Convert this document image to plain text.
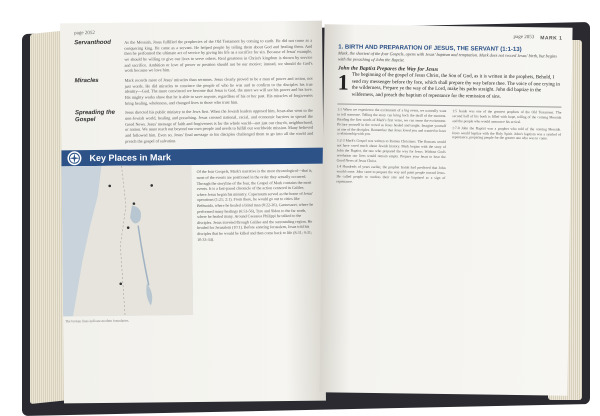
page 2052
Servanthood	As the Messiah, Jesus fulfilled the prophecies of the Old Testament by coming to earth. He did not come as a conquering king. He came as a servant. He helped people by telling them about God and healing them. And then he performed the ultimate act of service by giving his life as a sacrifice for sin. Because of Jesus' example, we should be willing to give our lives to serve others. Real greatness in Christ's kingdom is shown by service and sacrifice. Ambition or love of power or position should not be our motive; instead, we should do God's work because we love him.
Miracles	Mark records more of Jesus' miracles than sermons. Jesus clearly proved to be a man of power and action, not just words. He did miracles to convince the people of who he was and to confirm to the disciples his true identity—God. The more convinced we become that Jesus is God, the more we will see his power and his love. His mighty works show that he is able to save anyone, regardless of his or her past. His miracles of forgiveness bring healing, wholeness, and changed lives to those who trust him.
Spreading the Gospel
Jesus directed his public ministry to the Jews first. When the Jewish leaders opposed him, Jesus also went to the non-Jewish world, healing and preaching. Jesus crossed national, racial, and economic barriers to spread the Good News. Jesus' message of faith and forgiveness is for the whole world—not just our church, neighborhood, or nation. We must reach out beyond our own people and needs to fulfill our worldwide mission. Many believed and followed him. Even so, Jesus' final message to his disciples challenged them to go into all the world and preach the gospel of salvation.
Key Places in Mark
Of the four Gospels, Mark's narrative is the most chronological—that is, most of the events are positioned in the order they actually occurred. Through the storyline of the four, the Gospel of Mark contains the most events. It is a fast-paced chronicle of the action centered in Galilee, where Jesus began his ministry. Capernaum served as the home of Jesus' operations (1:21; 2:1). From there, he would go out to cities like Bethsaida, where he healed a blind man (8:22-26), Gennesaret, where he performed many healings (6:53-56), Tyre and Sidon to the far north, where he healed many. Around Caesarea Philippi he talked to the disciples. Jesus traveled through Galilee and the surrounding region. He headed for Jerusalem (10:1). Before entering Jerusalem, Jesus told his disciples that he would be killed and then come back to life (8:31; 9:31; 10:33-34).
The broken lines indicate modern boundaries.
page 2053 MARK 1
1. BIRTH AND PREPARATION OF JESUS, THE SERVANT (1:1-13)
Mark, the shortest of the four Gospels, opens with Jesus' baptism and temptation. Mark does not record Jesus' birth, but begins with the preaching of John the Baptist.
John the Baptist Prepares the Way for Jesus
1 The beginning of the gospel of Jesus Christ, the Son of God, as it is written in the prophets, Behold, I send my messenger before thy face, which shall prepare thy way before thee. The voice of one crying in the wilderness, Prepare ye the way of the Lord, make his paths straight. John did baptize in the wilderness, and preach the baptism of repentance for the remission of sins.

1:1 When we experience the excitement of a big event, we naturally want to tell someone. Telling the story can bring back the thrill of the moment. Reading the first words of Mark's first verse, we can sense the excitement. Picture yourself in the crowd as Jesus healed and taught. Imagine yourself as one of the disciples. Remember that Jesus loved you and wanted to have a relationship with you.

1:2-3 Mark's Gospel was written to Roman Christians. The Romans would not have cared much about Jewish history. Mark begins with the story of John the Baptist, the one who prepared the way for Jesus. Without God's revelation our lives would remain empty. Prepare your heart to hear the Good News of Jesus Christ.

1:4 Hundreds of years earlier, the prophet Isaiah had predicted that John would come. John came to prepare the way and point people toward Jesus. He called people to confess their sins and be baptized as a sign of repentance.

1:5 Isaiah was one of the greatest prophets of the Old Testament. The second half of his book is filled with hope, telling of the coming Messiah and the people who would announce his arrival.

1:7-8 John the Baptist was a prophet who told of the coming Messiah. Jesus would baptize with the Holy Spirit. John's baptism was a symbol of repentance, preparing people for the greater one who was to come.
